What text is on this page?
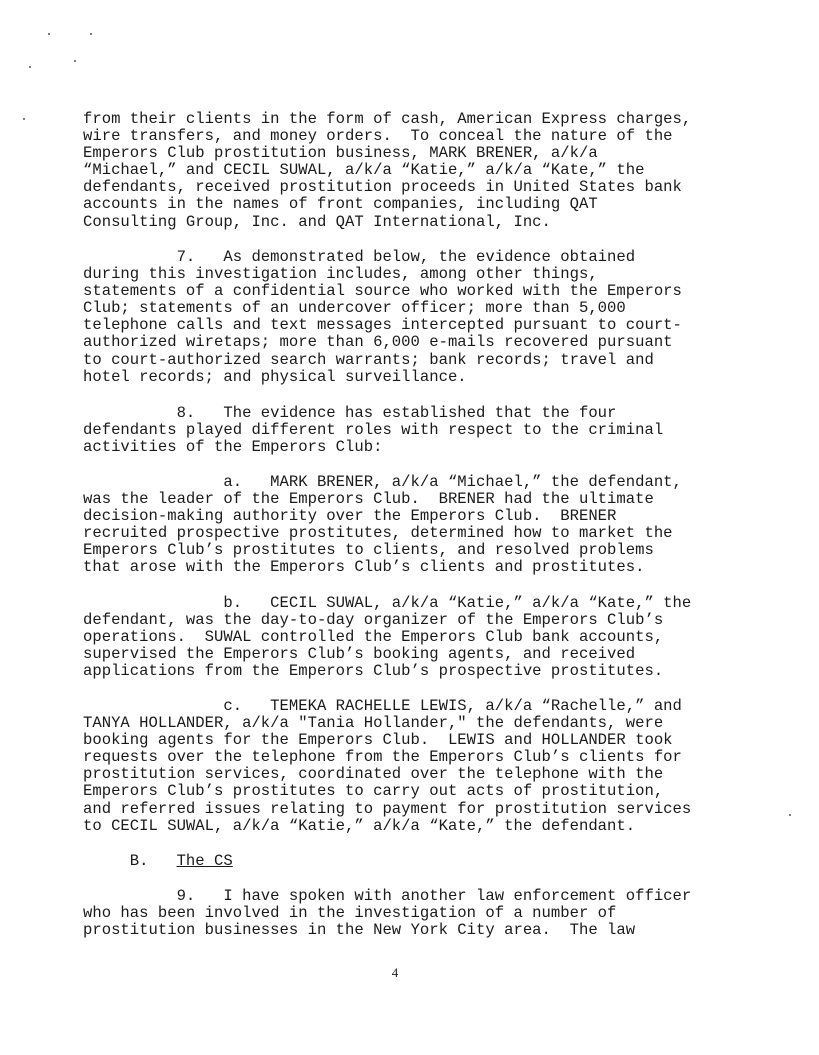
from their clients in the form of cash, American Express charges,
wire transfers, and money orders.  To conceal the nature of the
Emperors Club prostitution business, MARK BRENER, a/k/a
“Michael,” and CECIL SUWAL, a/k/a “Katie,” a/k/a “Kate,” the
defendants, received prostitution proceeds in United States bank
accounts in the names of front companies, including QAT
Consulting Group, Inc. and QAT International, Inc.
7.   As demonstrated below, the evidence obtained
during this investigation includes, among other things,
statements of a confidential source who worked with the Emperors
Club; statements of an undercover officer; more than 5,000
telephone calls and text messages intercepted pursuant to court-
authorized wiretaps; more than 6,000 e-mails recovered pursuant
to court-authorized search warrants; bank records; travel and
hotel records; and physical surveillance.
8.   The evidence has established that the four
defendants played different roles with respect to the criminal
activities of the Emperors Club:
a.   MARK BRENER, a/k/a “Michael,” the defendant,
was the leader of the Emperors Club.  BRENER had the ultimate
decision-making authority over the Emperors Club.  BRENER
recruited prospective prostitutes, determined how to market the
Emperors Club’s prostitutes to clients, and resolved problems
that arose with the Emperors Club’s clients and prostitutes.
b.   CECIL SUWAL, a/k/a “Katie,” a/k/a “Kate,” the
defendant, was the day-to-day organizer of the Emperors Club’s
operations.  SUWAL controlled the Emperors Club bank accounts,
supervised the Emperors Club’s booking agents, and received
applications from the Emperors Club’s prospective prostitutes.
c.   TEMEKA RACHELLE LEWIS, a/k/a “Rachelle,” and
TANYA HOLLANDER, a/k/a "Tania Hollander," the defendants, were
booking agents for the Emperors Club.  LEWIS and HOLLANDER took
requests over the telephone from the Emperors Club’s clients for
prostitution services, coordinated over the telephone with the
Emperors Club’s prostitutes to carry out acts of prostitution,
and referred issues relating to payment for prostitution services
to CECIL SUWAL, a/k/a “Katie,” a/k/a “Kate,” the defendant.
B.   The CS
9.   I have spoken with another law enforcement officer
who has been involved in the investigation of a number of
prostitution businesses in the New York City area.  The law
4
